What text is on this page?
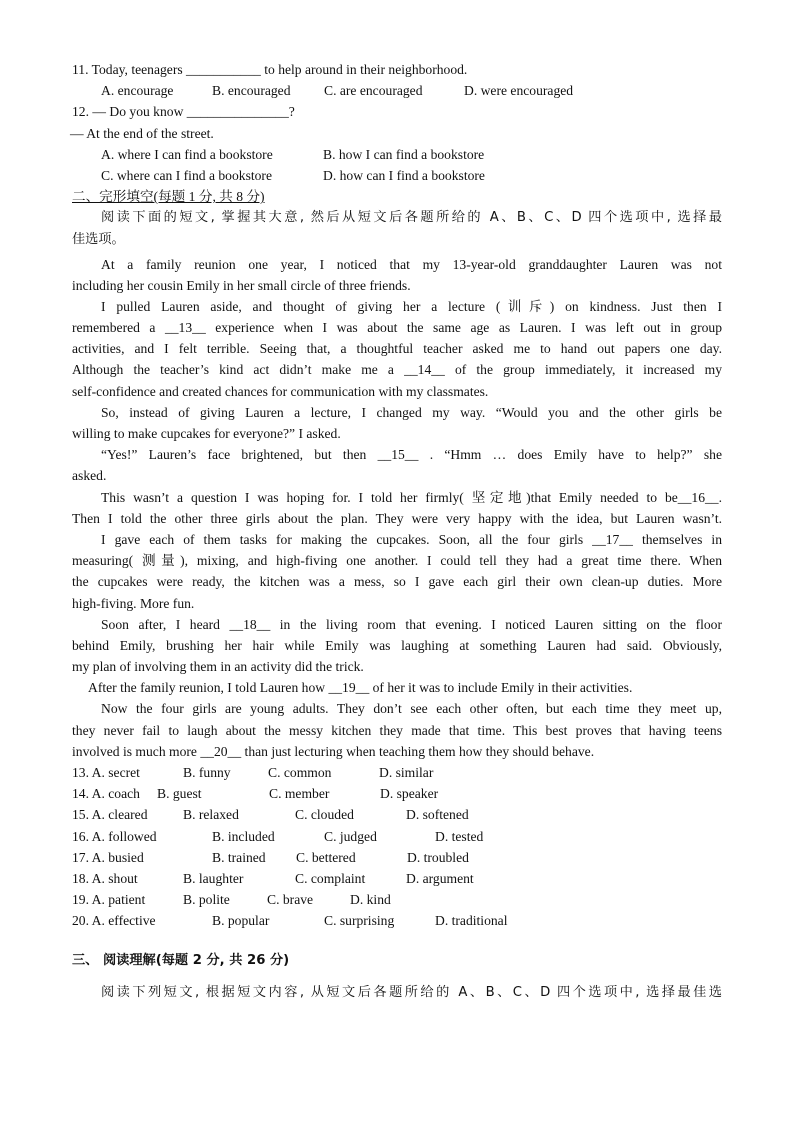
11. Today, teenagers ___________ to help around in their neighborhood.
A. encourage	B. encouraged	C. are encouraged	D. were encouraged
12. — Do you know _______________?
— At the end of the street.
A. where I can find a bookstore	B. how I can find a bookstore
C. where can I find a bookstore	D. how can I find a bookstore
二、完形填空(每题 1 分, 共 8 分)
阅读下面的短文, 掌握其大意, 然后从短文后各题所给的 A、B、C、D 四个选项中, 选择最
佳选项。
At a family reunion one year, I noticed that my 13-year-old granddaughter Lauren was not
including her cousin Emily in her small circle of three friends.
I pulled Lauren aside, and thought of giving her a lecture (训斥) on kindness. Just then I
remembered a __13__ experience when I was about the same age as Lauren. I was left out in group
activities, and I felt terrible. Seeing that, a thoughtful teacher asked me to hand out papers one day.
Although the teacher’s kind act didn’t make me a __14__ of the group immediately, it increased my
self-confidence and created chances for communication with my classmates.
So, instead of giving Lauren a lecture, I changed my way. “Would you and the other girls be
willing to make cupcakes for everyone?” I asked.
“Yes!” Lauren’s face brightened, but then __15__ . “Hmm … does Emily have to help?” she
asked.
This wasn’t a question I was hoping for. I told her firmly( 坚定地)that Emily needed to be__16__.
Then I told the other three girls about the plan. They were very happy with the idea, but Lauren wasn’t.
I gave each of them tasks for making the cupcakes. Soon, all the four girls __17__ themselves in
measuring( 测量), mixing, and high-fiving one another. I could tell they had a great time there. When
the cupcakes were ready, the kitchen was a mess, so I gave each girl their own clean-up duties. More
high-fiving. More fun.
Soon after, I heard __18__ in the living room that evening. I noticed Lauren sitting on the floor
behind Emily, brushing her hair while Emily was laughing at something Lauren had said. Obviously,
my plan of involving them in an activity did the trick.
After the family reunion, I told Lauren how __19__ of her it was to include Emily in their activities.
Now the four girls are young adults. They don’t see each other often, but each time they meet up,
they never fail to laugh about the messy kitchen they made that time. This best proves that having teens
involved is much more __20__ than just lecturing when teaching them how they should behave.
13. A. secret	B. funny	C. common	D. similar
14. A. coach	B. guest	C. member	D. speaker
15. A. cleared	B. relaxed	C. clouded	D. softened
16. A. followed	B. included	C. judged	D. tested
17. A. busied	B. trained	C. bettered	D. troubled
18. A. shout	B. laughter	C. complaint	D. argument
19. A. patient	B. polite	C. brave	D. kind
20. A. effective	B. popular	C. surprising	D. traditional
三、 阅读理解(每题 2 分, 共 26 分)
阅读下列短文, 根据短文内容, 从短文后各题所给的 A、B、C、D 四个选项中, 选择最佳选
